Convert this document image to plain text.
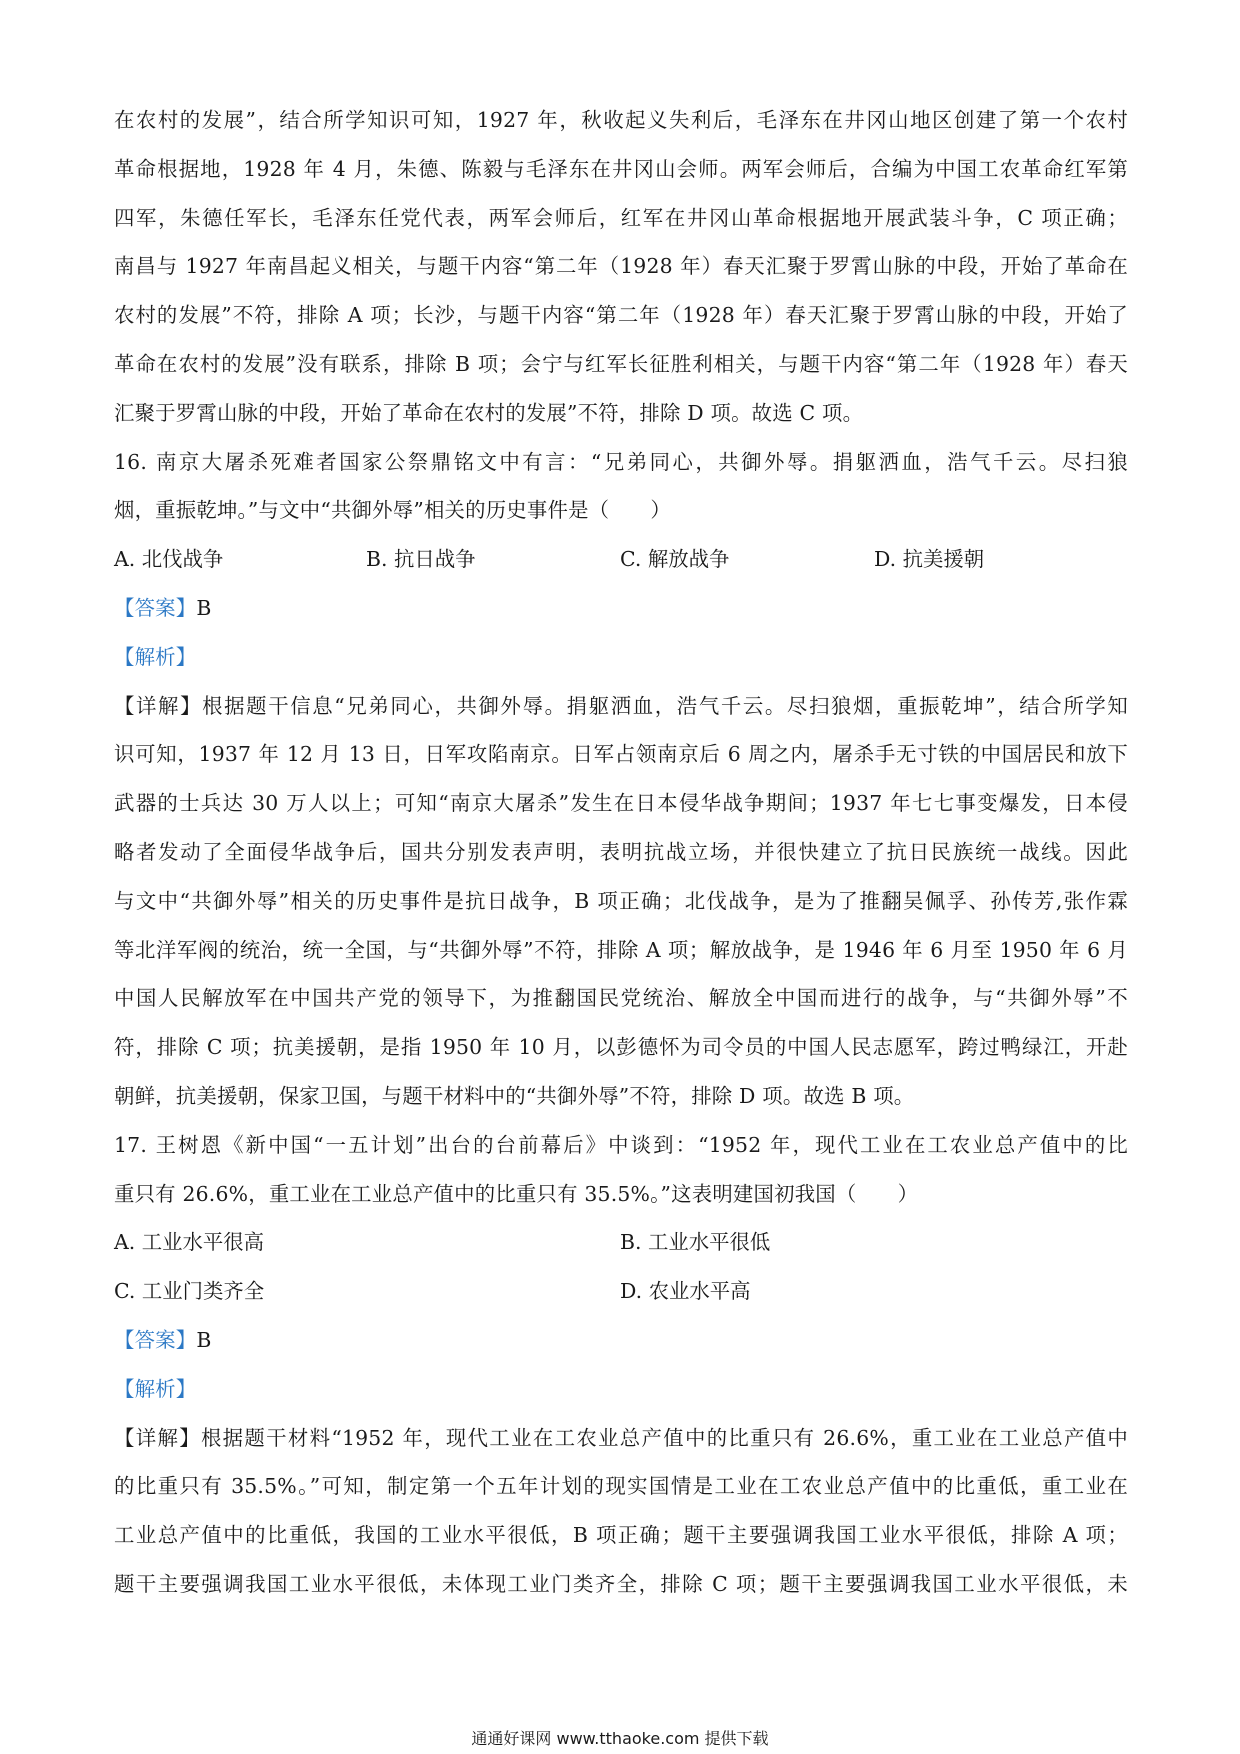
在农村的发展”，结合所学知识可知，1927 年，秋收起义失利后，毛泽东在井冈山地区创建了第一个农村
革命根据地，1928 年 4 月，朱德、陈毅与毛泽东在井冈山会师。两军会师后，合编为中国工农革命红军第
四军，朱德任军长，毛泽东任党代表，两军会师后，红军在井冈山革命根据地开展武装斗争，C 项正确；
南昌与 1927 年南昌起义相关，与题干内容“第二年（1928 年）春天汇聚于罗霄山脉的中段，开始了革命在
农村的发展”不符，排除 A 项；长沙，与题干内容“第二年（1928 年）春天汇聚于罗霄山脉的中段，开始了
革命在农村的发展”没有联系，排除 B 项；会宁与红军长征胜利相关，与题干内容“第二年（1928 年）春天
汇聚于罗霄山脉的中段，开始了革命在农村的发展”不符，排除 D 项。故选 C 项。
16. 南京大屠杀死难者国家公祭鼎铭文中有言：“兄弟同心，共御外辱。捐躯洒血，浩气千云。尽扫狼
烟，重振乾坤。”与文中“共御外辱”相关的历史事件是（　　）
A. 北伐战争	B. 抗日战争	C. 解放战争	D. 抗美援朝
【答案】B
【解析】
【详解】根据题干信息“兄弟同心，共御外辱。捐躯洒血，浩气千云。尽扫狼烟，重振乾坤”，结合所学知
识可知，1937 年 12 月 13 日，日军攻陷南京。日军占领南京后 6 周之内，屠杀手无寸铁的中国居民和放下
武器的士兵达 30 万人以上；可知“南京大屠杀”发生在日本侵华战争期间；1937 年七七事变爆发，日本侵
略者发动了全面侵华战争后，国共分别发表声明，表明抗战立场，并很快建立了抗日民族统一战线。因此
与文中“共御外辱”相关的历史事件是抗日战争，B 项正确；北伐战争，是为了推翻吴佩孚、孙传芳,张作霖
等北洋军阀的统治，统一全国，与“共御外辱”不符，排除 A 项；解放战争，是 1946 年 6 月至 1950 年 6 月
中国人民解放军在中国共产党的领导下，为推翻国民党统治、解放全中国而进行的战争，与“共御外辱”不
符，排除 C 项；抗美援朝，是指 1950 年 10 月，以彭德怀为司令员的中国人民志愿军，跨过鸭绿江，开赴
朝鲜，抗美援朝，保家卫国，与题干材料中的“共御外辱”不符，排除 D 项。故选 B 项。
17. 王树恩《新中国“一五计划”出台的台前幕后》中谈到：“1952 年，现代工业在工农业总产值中的比
重只有 26.6%，重工业在工业总产值中的比重只有 35.5%。”这表明建国初我国（　　）
A. 工业水平很高	B. 工业水平很低
C. 工业门类齐全	D. 农业水平高
【答案】B
【解析】
【详解】根据题干材料“1952 年，现代工业在工农业总产值中的比重只有 26.6%，重工业在工业总产值中
的比重只有 35.5%。”可知，制定第一个五年计划的现实国情是工业在工农业总产值中的比重低，重工业在
工业总产值中的比重低，我国的工业水平很低，B 项正确；题干主要强调我国工业水平很低，排除 A 项；
题干主要强调我国工业水平很低，未体现工业门类齐全，排除 C 项；题干主要强调我国工业水平很低，未
通通好课网 www.tthaoke.com 提供下载
